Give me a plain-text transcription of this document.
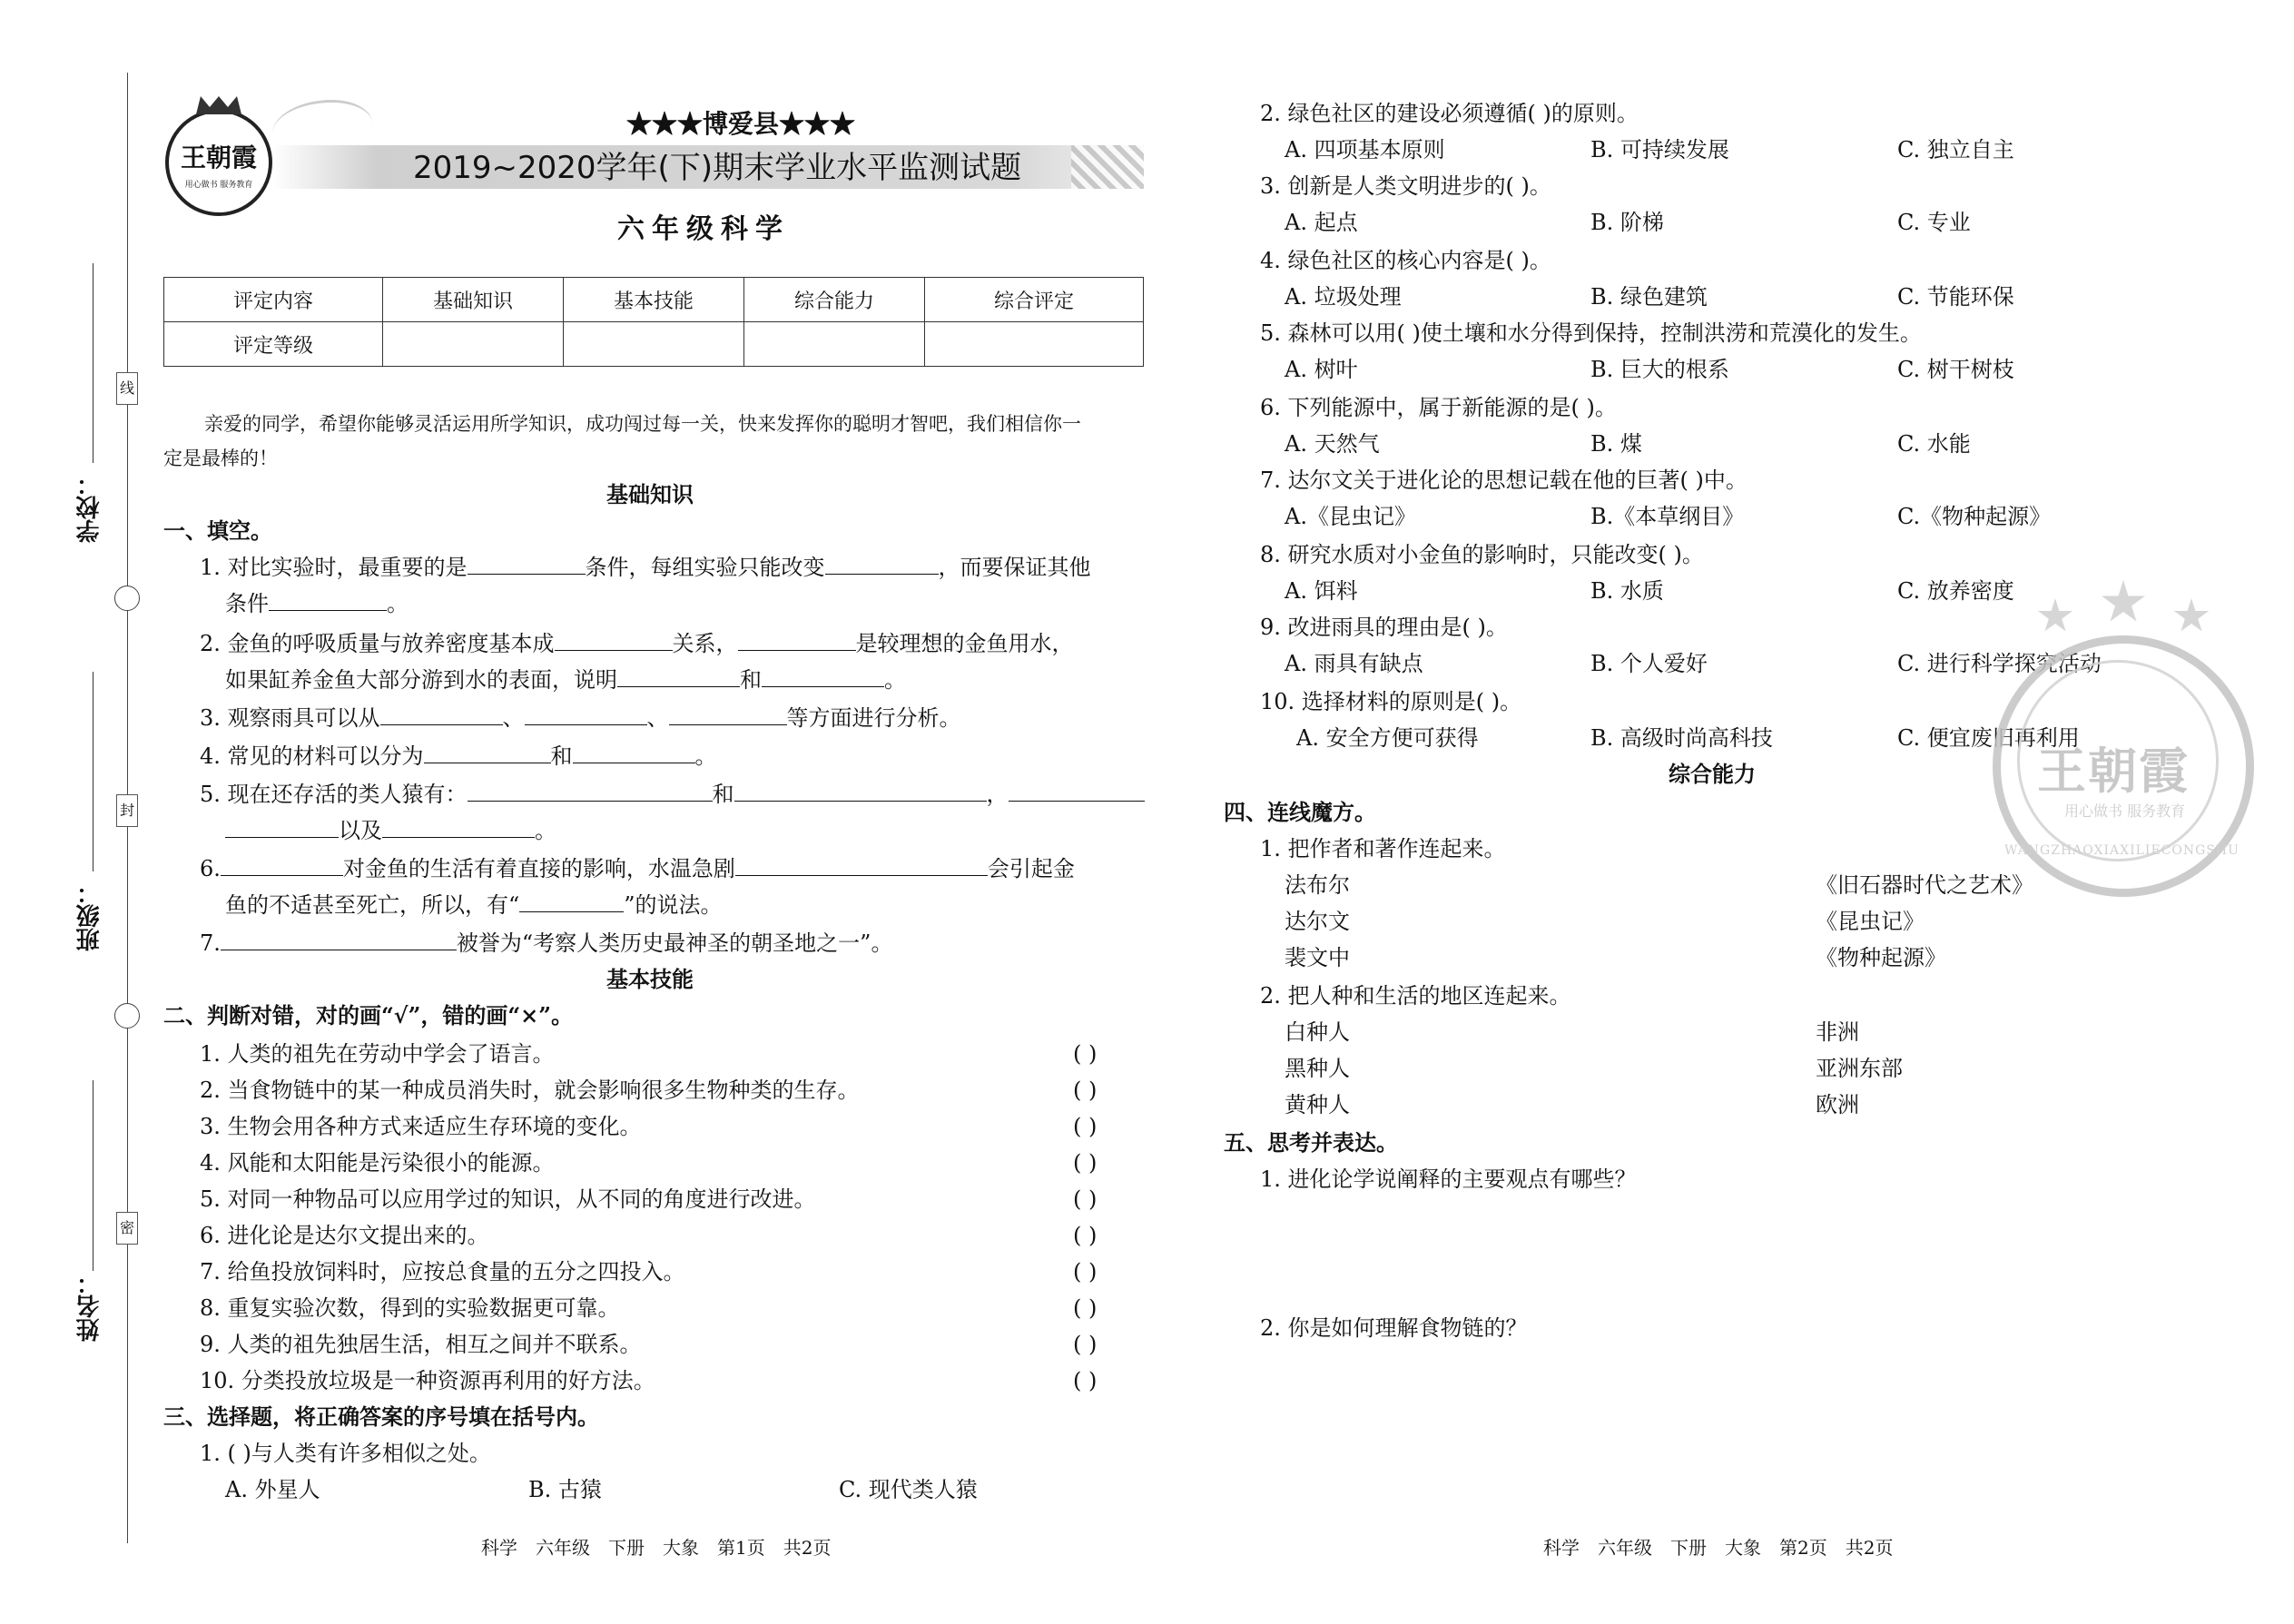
学校：
班级：
姓名：
线
封
密
王朝霞
用心做书 服务教育
★★★博爱县★★★
2019~2020学年(下)期末学业水平监测试题
六年级科学
评定内容	基础知识	基本技能	综合能力	综合评定
评定等级				
亲爱的同学，希望你能够灵活运用所学知识，成功闯过每一关，快来发挥你的聪明才智吧，我们相信你一
定是最棒的！
基础知识
一、填空。
1. 对比实验时，最重要的是	条件，每组实验只能改变	，而要保证其他
条件	。
2. 金鱼的呼吸质量与放养密度基本成	关系，	是较理想的金鱼用水，
如果缸养金鱼大部分游到水的表面，说明	和	。
3. 观察雨具可以从	、	、	等方面进行分析。
4. 常见的材料可以分为	和	。
5. 现在还存活的类人猿有：	和	，
以及	。
6.	对金鱼的生活有着直接的影响，水温急剧	会引起金
鱼的不适甚至死亡，所以，有“	”的说法。
7.	被誉为“考察人类历史最神圣的朝圣地之一”。
基本技能
二、判断对错，对的画“√”，错的画“×”。
1. 人类的祖先在劳动中学会了语言。	( )
2. 当食物链中的某一种成员消失时，就会影响很多生物种类的生存。	( )
3. 生物会用各种方式来适应生存环境的变化。	( )
4. 风能和太阳能是污染很小的能源。	( )
5. 对同一种物品可以应用学过的知识，从不同的角度进行改进。	( )
6. 进化论是达尔文提出来的。	( )
7. 给鱼投放饲料时，应按总食量的五分之四投入。	( )
8. 重复实验次数，得到的实验数据更可靠。	( )
9. 人类的祖先独居生活，相互之间并不联系。	( )
10. 分类投放垃圾是一种资源再利用的好方法。	( )
三、选择题，将正确答案的序号填在括号内。
1. ( )与人类有许多相似之处。
A. 外星人	B. 古猿	C. 现代类人猿
科学　六年级　下册　大象　第1页　共2页
2. 绿色社区的建设必须遵循( )的原则。
A. 四项基本原则	B. 可持续发展	C. 独立自主
3. 创新是人类文明进步的( )。
A. 起点	B. 阶梯	C. 专业
4. 绿色社区的核心内容是( )。
A. 垃圾处理	B. 绿色建筑	C. 节能环保
5. 森林可以用( )使土壤和水分得到保持，控制洪涝和荒漠化的发生。
A. 树叶	B. 巨大的根系	C. 树干树枝
6. 下列能源中，属于新能源的是( )。
A. 天然气	B. 煤	C. 水能
7. 达尔文关于进化论的思想记载在他的巨著( )中。
A.《昆虫记》	B.《本草纲目》	C.《物种起源》
8. 研究水质对小金鱼的影响时，只能改变( )。
A. 饵料	B. 水质	C. 放养密度
9. 改进雨具的理由是( )。
A. 雨具有缺点	B. 个人爱好	C. 进行科学探究活动
10. 选择材料的原则是( )。
A. 安全方便可获得	B. 高级时尚高科技	C. 便宜废旧再利用
综合能力
四、连线魔方。
1. 把作者和著作连起来。
法布尔	《旧石器时代之艺术》
达尔文	《昆虫记》
裴文中	《物种起源》
2. 把人种和生活的地区连起来。
白种人	非洲
黑种人	亚洲东部
黄种人	欧洲
五、思考并表达。
1. 进化论学说阐释的主要观点有哪些？
2. 你是如何理解食物链的？
科学　六年级　下册　大象　第2页　共2页
王朝霞
用心做书 服务教育
WANGZHAOXIAXILIECONGSHU
